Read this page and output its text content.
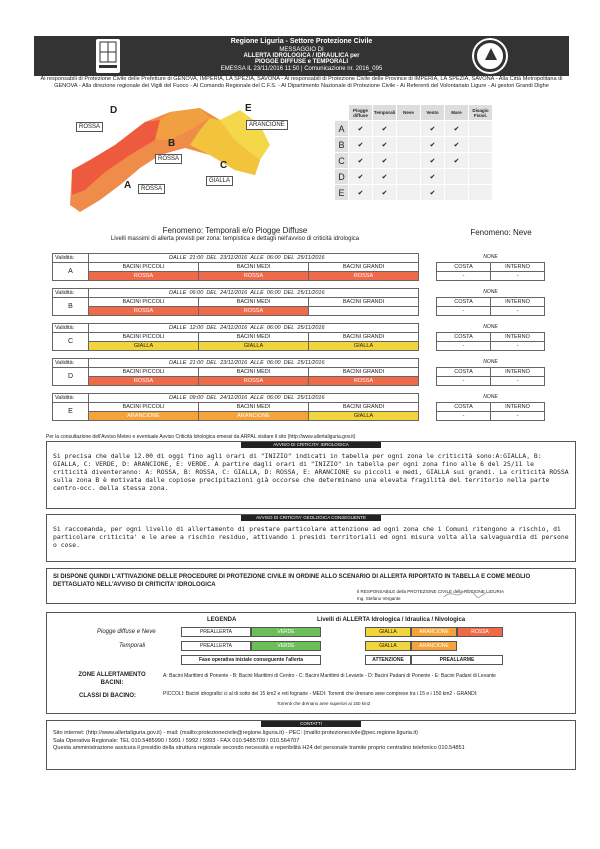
Regione Liguria - Settore Protezione Civile
MESSAGGIO DI
ALLERTA IDROLOGICA / IDRAULICA per
PIOGGE DIFFUSE e TEMPORALI
EMESSA IL 23/11/2016 11:50 | Comunicazione nr. 2016_095
Ai responsabili di Protezione Civile delle Prefetture di GENOVA, IMPERIA, LA SPEZIA, SAVONA - Ai responsabili di Protezione Civile delle Province di IMPERIA, LA SPEZIA, SAVONA - Alla Città Metropolitana di GENOVA - Alla direzione regionale dei Vigili del Fuoco - Al Comando Regionale del C.F.S. - Al Dipartimento Nazionale di Protezione Civile - Ai Referenti del Volontariato Ligure - Ai gestori Grandi Dighe
D
ROSSA
E
ARANCIONE
B
ROSSA
C
GIALLA
A	ROSSA
	Piogge diffuse	Temporali	Neve	Vento	Mare	Disagio Fisiol.
A	✔	✔		✔	✔	
B	✔	✔		✔	✔	
C	✔	✔		✔	✔	
D	✔	✔		✔		
E	✔	✔		✔		
Fenomeno: Temporali e/o Piogge Diffuse
Livelli massimi di allerta previsti per zona: tempistica e dettagli nell'avviso di criticità idrologica
Fenomeno: Neve
Validità:	DALLE 21:00 DEL 23/11/2016 ALLE 06:00 DEL 25/11/2016		
A	BACINI PICCOLI	BACINI MEDI	BACINI GRANDI
	ROSSA	ROSSA	ROSSA
NONE	
COSTA	INTERNO
-	-
Validità:	DALLE 06:00 DEL 24/11/2016 ALLE 06:00 DEL 25/11/2016		
B	BACINI PICCOLI	BACINI MEDI	BACINI GRANDI
	ROSSA	ROSSA	
NONE	
COSTA	INTERNO
-	-
Validità:	DALLE 12:00 DEL 24/11/2016 ALLE 06:00 DEL 25/11/2016		
C	BACINI PICCOLI	BACINI MEDI	BACINI GRANDI
	GIALLA	GIALLA	GIALLA
NONE	
COSTA	INTERNO
-	-
Validità:	DALLE 21:00 DEL 23/11/2016 ALLE 06:00 DEL 25/11/2016		
D	BACINI PICCOLI	BACINI MEDI	BACINI GRANDI
	ROSSA	ROSSA	ROSSA
NONE	
COSTA	INTERNO
-	-
Validità:	DALLE 09:00 DEL 24/11/2016 ALLE 06:00 DEL 25/11/2016		
E	BACINI PICCOLI	BACINI MEDI	BACINI GRANDI
	ARANCIONE	ARANCIONE	GIALLA
NONE	
COSTA	INTERNO
-	-
Per la consultazione dell'Avviso Meteo e eventuale Avviso Criticità Idrologica emessi da ARPAL visitare il sito (http://www.allertaliguria.gov.it)
AVVISO DI CRITICITA' IDROLOGICA
Si precisa che dalle 12.00 di oggi fino agli orari di "INIZIO" indicati in tabella per ogni zona le criticità sono:A:GIALLA, B: GIALLA, C: VERDE, D: ARANCIONE, E: VERDE. A partire dagli orari di "INIZIO" in tabella per ogni zona fino alle 6 del 25/11 le criticità diventeranno: A: ROSSA, B: ROSSA, C: GIALLA, D: ROSSA, E: ARANCIONE su piccoli e medi, GIALLA sui grandi. La criticità ROSSA sulla zona B è motivata dalle copiose precipitazioni già occorse che determinano una elevata fragilità del territorio nella parte centro-occ. della stessa zona.
AVVISO DI CRITICITA' GEOLOGICA CONSEGUENTE
Si raccomanda, per ogni livello di allertamento di prestare particolare attenzione ad ogni zona che i Comuni ritengono a rischio, di particolare criticita' e le aree a rischio residuo, attivando i presidi territoriali ed ogni misura volta alla salvaguardia di persone o cose.
SI DISPONE QUINDI L'ATTIVAZIONE DELLE PROCEDURE DI PROTEZIONE CIVILE IN ORDINE ALLO SCENARIO DI ALLERTA RIPORTATO IN TABELLA E COME MEGLIO DETTAGLIATO NELL'AVVISO DI CRITICITA' IDROLOGICA
Il RESPONSABILE della PROTEZIONE CIVILE della REGIONE LIGURIA
Ing. Stefano Vergante
LEGENDA	Livelli di ALLERTA Idrologica / Idraulica / Nivologica
Piogge diffuse e Neve
Temporali
PREALLERTA	VERDE
PREALLERTA	VERDE
Fase operativa iniziale conseguente l'allerta
GIALLA	ARANCIONE	ROSSA
GIALLA	ARANCIONE
ATTENZIONE	PREALLARME
ZONE ALLERTAMENTO BACINI:
A: Bacini Marittimi di Ponente - B: Bacini Marittimi di Centro - C: Bacini Marittimi di Levante - D: Bacini Padani di Ponente - E: Bacini Padani di Levante
CLASSI DI BACINO:	PICCOLI: Bacini idrografici ci al di sotto dei 15 km2 e reti fognarie - MEDI: Torrenti che drenano aree comprese tra i 15 e i 150 km2 - GRANDI:
Torrenti che drenano aree superiori ai 150 km2
CONTATTI
Sito internet: (http://www.allertaliguria.gov.it) - mail: (mailto:protezionecivile@regione.liguria.it) - PEC: (mailto:protezionecivile@pec.regione.liguria.it)
Sala Operativa Regionale: TEL 010.5485990 / 5991 / 5992 / 5993 - FAX 010.5485709 / 010.564707
Questa amministrazione assicura il presidio della struttura regionale secondo necessità e reperibilità H24 del personale tramite proprio centralino telefonico 010.54851
